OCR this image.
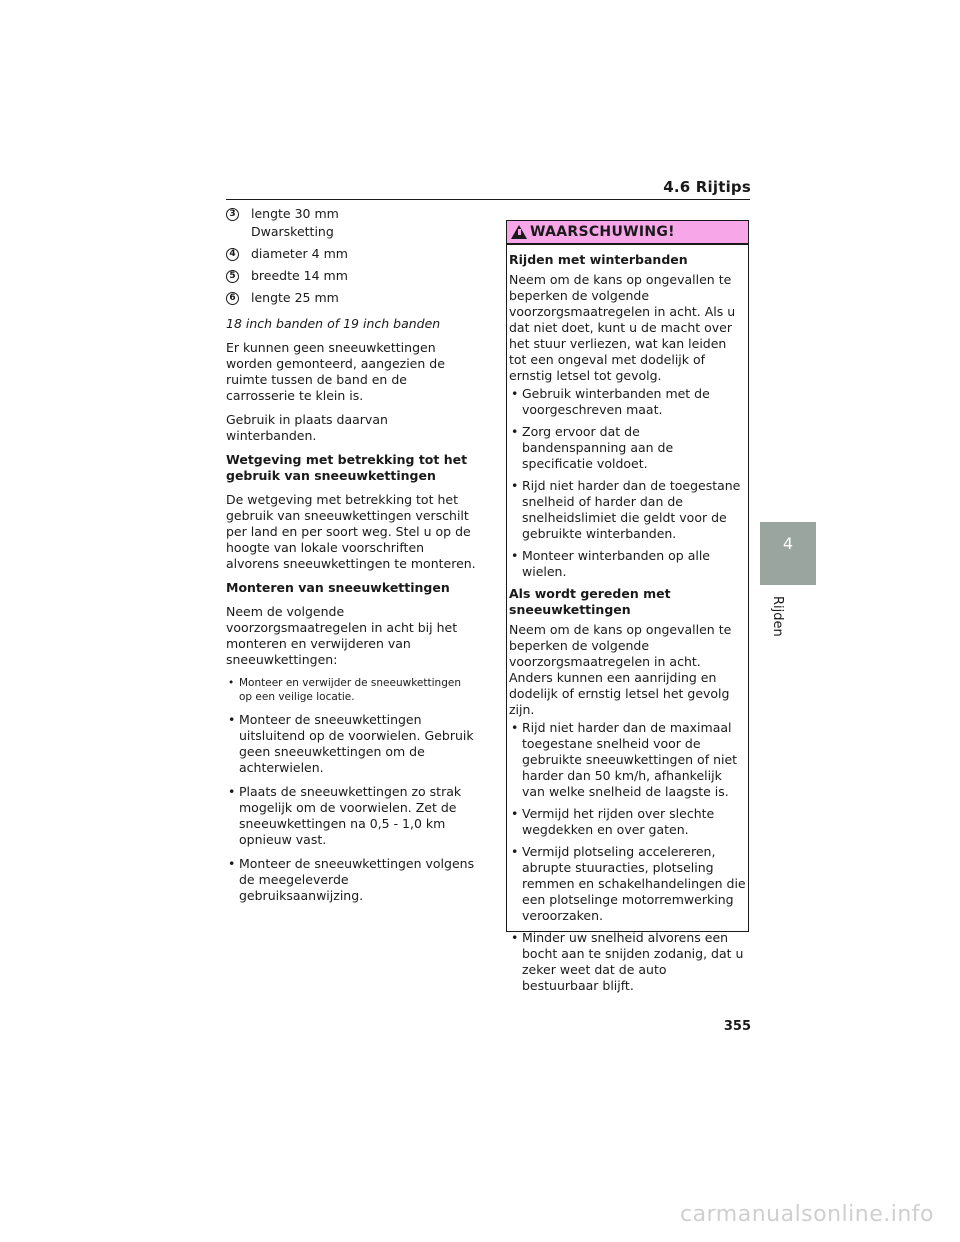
4.6 Rijtips
3 lengte 30 mm
Dwarsketting
4 diameter 4 mm
5 breedte 14 mm
6 lengte 25 mm

18 inch banden of 19 inch banden

Er kunnen geen sneeuwkettingen worden gemonteerd, aangezien de ruimte tussen de band en de carrosserie te klein is.

Gebruik in plaats daarvan winterbanden.

Wetgeving met betrekking tot het gebruik van sneeuwkettingen

De wetgeving met betrekking tot het gebruik van sneeuwkettingen verschilt per land en per soort weg. Stel u op de hoogte van lokale voorschriften alvorens sneeuwkettingen te monteren.

Monteren van sneeuwkettingen

Neem de volgende voorzorgsmaatregelen in acht bij het monteren en verwijderen van sneeuwkettingen:

• Monteer en verwijder de sneeuwkettingen op een veilige locatie.
• Monteer de sneeuwkettingen uitsluitend op de voorwielen. Gebruik geen sneeuwkettingen om de achterwielen.
• Plaats de sneeuwkettingen zo strak mogelijk om de voorwielen. Zet de sneeuwkettingen na 0,5 - 1,0 km opnieuw vast.
• Monteer de sneeuwkettingen volgens de meegeleverde gebruiksaanwijzing.
WAARSCHUWING!

Rijden met winterbanden

Neem om de kans op ongevallen te beperken de volgende voorzorgsmaatregelen in acht. Als u dat niet doet, kunt u de macht over het stuur verliezen, wat kan leiden tot een ongeval met dodelijk of ernstig letsel tot gevolg.

• Gebruik winterbanden met de voorgeschreven maat.
• Zorg ervoor dat de bandenspanning aan de specificatie voldoet.
• Rijd niet harder dan de toegestane snelheid of harder dan de snelheidslimiet die geldt voor de gebruikte winterbanden.
• Monteer winterbanden op alle wielen.

Als wordt gereden met sneeuwkettingen

Neem om de kans op ongevallen te beperken de volgende voorzorgsmaatregelen in acht. Anders kunnen een aanrijding en dodelijk of ernstig letsel het gevolg zijn.

• Rijd niet harder dan de maximaal toegestane snelheid voor de gebruikte sneeuwkettingen of niet harder dan 50 km/h, afhankelijk van welke snelheid de laagste is.
• Vermijd het rijden over slechte wegdekken en over gaten.
• Vermijd plotseling accelereren, abrupte stuuracties, plotseling remmen en schakelhandelingen die een plotselinge motorremwerking veroorzaken.
• Minder uw snelheid alvorens een bocht aan te snijden zodanig, dat u zeker weet dat de auto bestuurbaar blijft.
4
Rijden
355
carmanualsonline.info
